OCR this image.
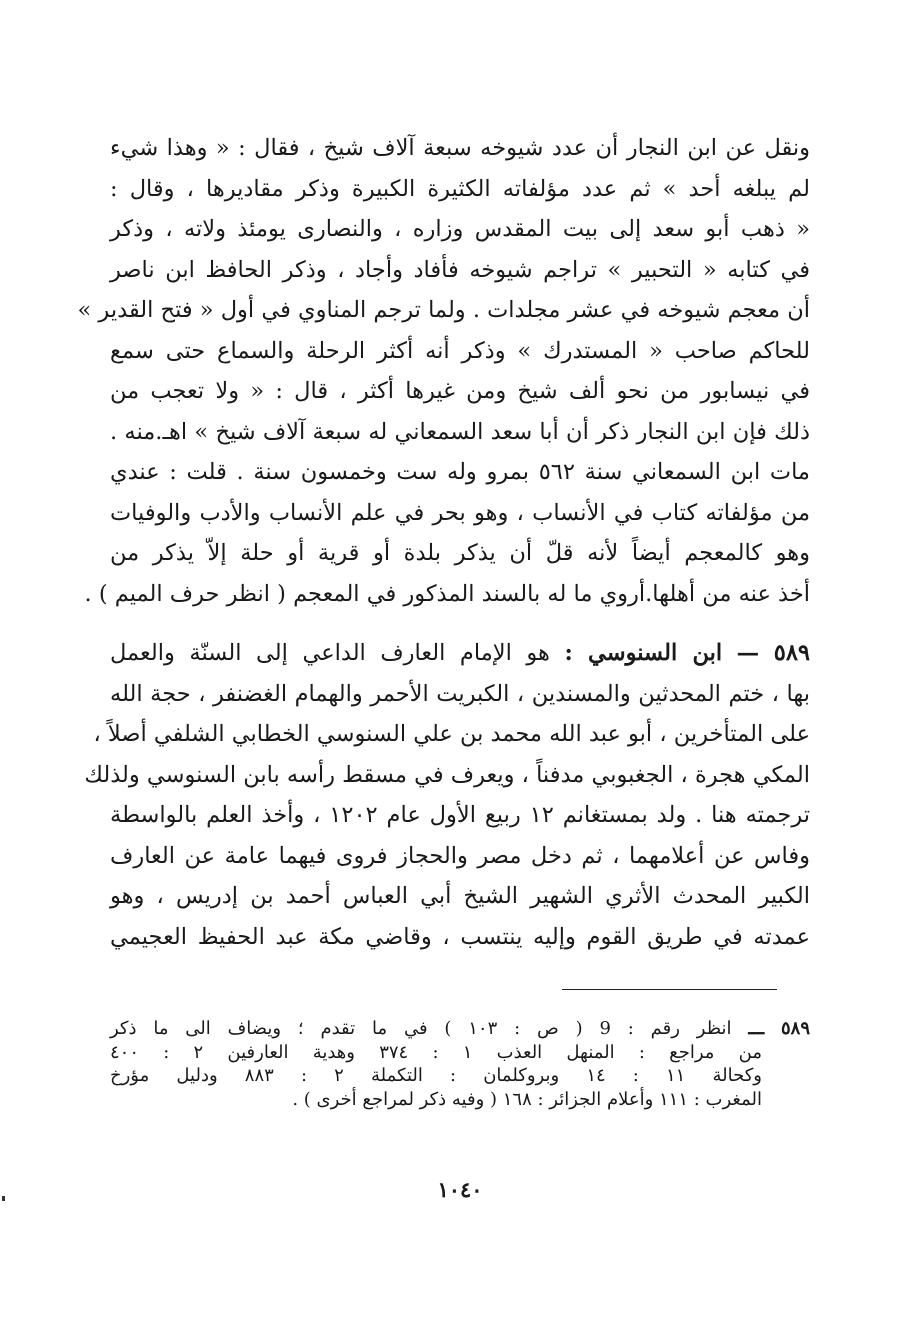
ونقل عن ابن النجار أن عدد شيوخه سبعة آلاف شيخ ، فقال : « وهذا شيء
لم يبلغه أحد » ثم عدد مؤلفاته الكثيرة الكبيرة وذكر مقاديرها ، وقال :
« ذهب أبو سعد إلى بيت المقدس وزاره ، والنصارى يومئذ ولاته ، وذكر
في كتابه « التحبير » تراجم شيوخه فأفاد وأجاد ، وذكر الحافظ ابن ناصر
أن معجم شيوخه في عشر مجلدات . ولما ترجم المناوي في أول « فتح القدير »
للحاكم صاحب « المستدرك » وذكر أنه أكثر الرحلة والسماع حتى سمع
في نيسابور من نحو ألف شيخ ومن غيرها أكثر ، قال : « ولا تعجب من
ذلك فإن ابن النجار ذكر أن أبا سعد السمعاني له سبعة آلاف شيخ » اهـ.منه .
مات ابن السمعاني سنة ٥٦٢ بمرو وله ست وخمسون سنة . قلت : عندي
من مؤلفاته كتاب في الأنساب ، وهو بحر في علم الأنساب والأدب والوفيات
وهو كالمعجم أيضاً لأنه قلّ أن يذكر بلدة أو قرية أو حلة إلاّ يذكر من
أخذ عنه من أهلها.أروي ما له بالسند المذكور في المعجم ( انظر حرف الميم ) .

٥٨٩ — ابن السنوسي : هو الإمام العارف الداعي إلى السنّة والعمل
بها ، ختم المحدثين والمسندين ، الكبريت الأحمر والهمام الغضنفر ، حجة الله
على المتأخرين ، أبو عبد الله محمد بن علي السنوسي الخطابي الشلفي أصلاً ،
المكي هجرة ، الجغبوبي مدفناً ، ويعرف في مسقط رأسه بابن السنوسي ولذلك
ترجمته هنا . ولد بمستغانم ١٢ ربيع الأول عام ١٢٠٢ ، وأخذ العلم بالواسطة
وفاس عن أعلامهما ، ثم دخل مصر والحجاز فروى فيهما عامة عن العارف
الكبير المحدث الأثري الشهير الشيخ أبي العباس أحمد بن إدريس ، وهو
عمدته في طريق القوم وإليه ينتسب ، وقاضي مكة عبد الحفيظ العجيمي

٥٨٩ ـــ انظر رقم : 9 ( ص : ١٠٣ ) في ما تقدم ؛ ويضاف الى ما ذكر
من مراجع : المنهل العذب ١ : ٣٧٤ وهدية العارفين ٢ : ٤٠٠
وكحالة ١١ : ١٤ وبروكلمان : التكملة ٢ : ٨٨٣ ودليل مؤرخ
المغرب : ١١١ وأعلام الجزائر : ١٦٨ ( وفيه ذكر لمراجع أخرى ) .
١٠٤٠
